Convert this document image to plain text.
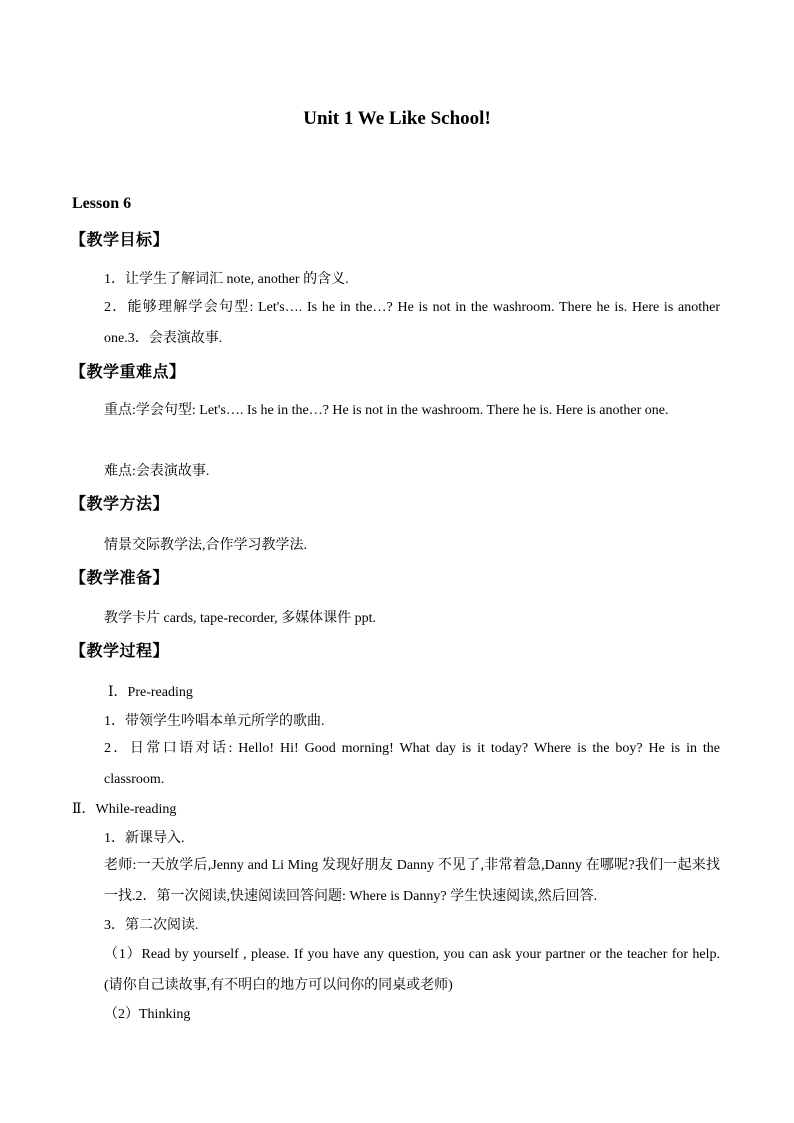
Unit 1 We Like School!
Lesson 6
【教学目标】
1．让学生了解词汇 note, another 的含义.
2．能够理解学会句型: Let's…. Is he in the…? He is not in the washroom. There he is. Here is another one.3．会表演故事.
【教学重难点】
重点:学会句型: Let's…. Is he in the…? He is not in the washroom. There he is. Here is another one.
难点:会表演故事.
【教学方法】
情景交际教学法,合作学习教学法.
【教学准备】
教学卡片 cards, tape-recorder, 多媒体课件 ppt.
【教学过程】
Ⅰ．Pre-reading
1．带领学生吟唱本单元所学的歌曲.
2．日常口语对话: Hello! Hi! Good morning! What day is it today? Where is the boy? He is in the classroom.
Ⅱ．While-reading
1．新课导入.
老师:一天放学后,Jenny and Li Ming 发现好朋友 Danny 不见了,非常着急,Danny 在哪呢?我们一起来找一找.2．第一次阅读,快速阅读回答问题: Where is Danny? 学生快速阅读,然后回答.
3．第二次阅读.
（1）Read by yourself , please. If you have any question, you can ask your partner or the teacher for help. (请你自己读故事,有不明白的地方可以问你的同桌或老师)
（2）Thinking
